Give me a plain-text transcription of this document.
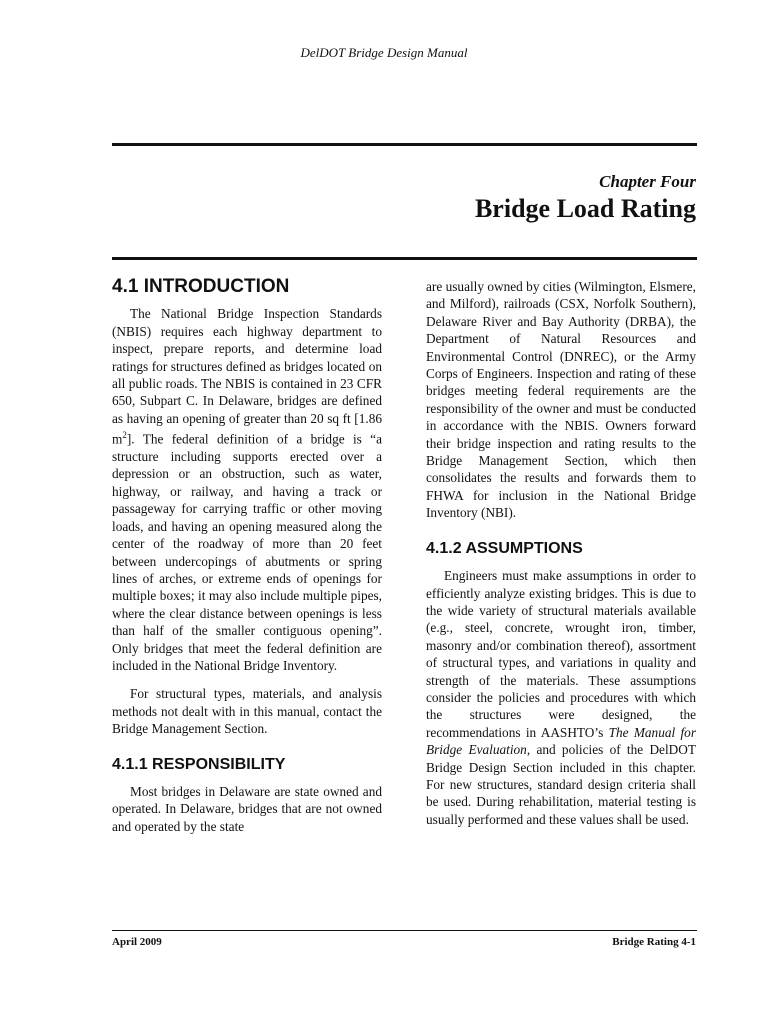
DelDOT Bridge Design Manual
Chapter Four
Bridge Load Rating
4.1 INTRODUCTION

The National Bridge Inspection Standards (NBIS) requires each highway department to inspect, prepare reports, and determine load ratings for structures defined as bridges located on all public roads. The NBIS is contained in 23 CFR 650, Subpart C. In Delaware, bridges are defined as having an opening of greater than 20 sq ft [1.86 $m^2$]. The federal definition of a bridge is “a structure including supports erected over a depression or an obstruction, such as water, highway, or railway, and having a track or passageway for carrying traffic or other moving loads, and having an opening measured along the center of the roadway of more than 20 feet between undercopings of abutments or spring lines of arches, or extreme ends of openings for multiple boxes; it may also include multiple pipes, where the clear distance between openings is less than half of the smaller contiguous opening”. Only bridges that meet the federal definition are included in the National Bridge Inventory.

For structural types, materials, and analysis methods not dealt with in this manual, contact the Bridge Management Section.

4.1.1 RESPONSIBILITY

Most bridges in Delaware are state owned and operated. In Delaware, bridges that are not owned and operated by the state

are usually owned by cities (Wilmington, Elsmere, and Milford), railroads (CSX, Norfolk Southern), Delaware River and Bay Authority (DRBA), the Department of Natural Resources and Environmental Control (DNREC), or the Army Corps of Engineers. Inspection and rating of these bridges meeting federal requirements are the responsibility of the owner and must be conducted in accordance with the NBIS. Owners forward their bridge inspection and rating results to the Bridge Management Section, which then consolidates the results and forwards them to FHWA for inclusion in the National Bridge Inventory (NBI).

4.1.2 ASSUMPTIONS

Engineers must make assumptions in order to efficiently analyze existing bridges. This is due to the wide variety of structural materials available (e.g., steel, concrete, wrought iron, timber, masonry and/or combination thereof), assortment of structural types, and variations in quality and strength of the materials. These assumptions consider the policies and procedures with which the structures were designed, the recommendations in AASHTO’s The Manual for Bridge Evaluation, and policies of the DelDOT Bridge Design Section included in this chapter. For new structures, standard design criteria shall be used. During rehabilitation, material testing is usually performed and these values shall be used.

April 2009	Bridge Rating 4-1
